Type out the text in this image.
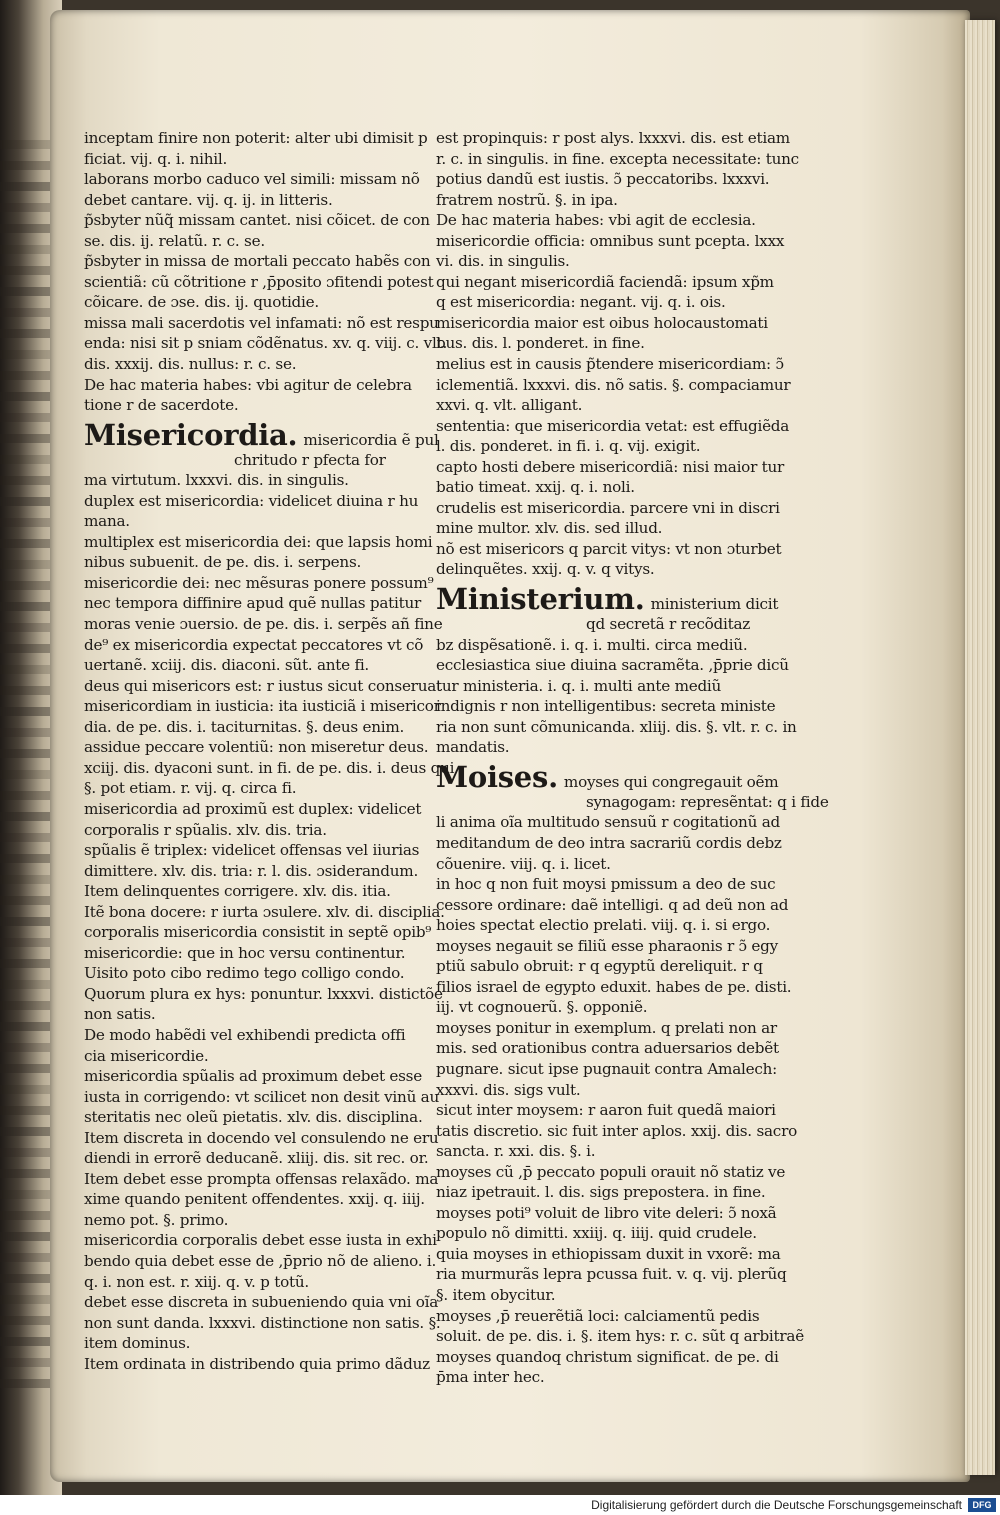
inceptam finire non poterit: alter ubi dimisit p
ficiat. vij. q. i. nihil.
laborans morbo caduco vel simili: missam nõ
debet cantare. vij. q. ij. in litteris.
p̃sbyter nũq̃ missam cantet. nisi cõicet. de con
se. dis. ij. relatũ. r. c. se.
p̃sbyter in missa de mortali peccato habẽs con
scientiã: cũ cõtritione r ,p̄posito ɔfitendi potest
cõicare. de ɔse. dis. ij. quotidie.
missa mali sacerdotis vel infamati: nõ est respu
enda: nisi sit p sniam cõdẽnatus. xv. q. viij. c. vlt.
dis. xxxij. dis. nullus: r. c. se.
De hac materia habes: vbi agitur de celebra
tione r de sacerdote.
Misericordia. misericordia ẽ pul
chritudo r pfecta for
ma virtutum. lxxxvi. dis. in singulis.
duplex est misericordia: videlicet diuina r hu
mana.
multiplex est misericordia dei: que lapsis homi
nibus subuenit. de pe. dis. i. serpens.
misericordie dei: nec mẽsuras ponere possum⁹
nec tempora diffinire apud quẽ nullas patitur
moras venie ɔuersio. de pe. dis. i. serpẽs añ fine
de⁹ ex misericordia expectat peccatores vt cõ
uertanẽ. xciij. dis. diaconi. sũt. ante fi.
deus qui misericors est: r iustus sicut conseruat
misericordiam in iusticia: ita iusticiã i misericor
dia. de pe. dis. i. taciturnitas. §. deus enim.
assidue peccare volentiũ: non miseretur deus.
xciij. dis. dyaconi sunt. in fi. de pe. dis. i. deus qui
§. pot etiam. r. vij. q. circa fi.
misericordia ad proximũ est duplex: videlicet
corporalis r spũalis. xlv. dis. tria.
spũalis ẽ triplex: videlicet offensas vel iiurias
dimittere. xlv. dis. tria: r. l. dis. ɔsiderandum.
Item delinquentes corrigere. xlv. dis. itia.
Itẽ bona docere: r iurta ɔsulere. xlv. di. disciplia.
corporalis misericordia consistit in septẽ opib⁹
misericordie: que in hoc versu continentur.
Uisito poto cibo redimo tego colligo condo.
Quorum plura ex hys: ponuntur. lxxxvi. distictõe
non satis.
De modo habẽdi vel exhibendi predicta offi
cia misericordie.
misericordia spũalis ad proximum debet esse
iusta in corrigendo: vt scilicet non desit vinũ au
steritatis nec oleũ pietatis. xlv. dis. disciplina.
Item discreta in docendo vel consulendo ne eru
diendi in errorẽ deducanẽ. xliij. dis. sit rec. or.
Item debet esse prompta offensas relaxãdo. ma
xime quando penitent offendentes. xxij. q. iiij.
nemo pot. §. primo.
misericordia corporalis debet esse iusta in exhi
bendo quia debet esse de ,p̄prio nõ de alieno. i.
q. i. non est. r. xiij. q. v. p totũ.
debet esse discreta in subueniendo quia vni oĩa
non sunt danda. lxxxvi. distinctione non satis. §.
item dominus.
Item ordinata in distribendo quia primo dãduz
est propinquis: r post alys. lxxxvi. dis. est etiam
r. c. in singulis. in fine. excepta necessitate: tunc
potius dandũ est iustis. ɔ̃ peccatoribs. lxxxvi.
fratrem nostrũ. §. in ipa.
De hac materia habes: vbi agit de ecclesia.
misericordie officia: omnibus sunt pcepta. lxxx
vi. dis. in singulis.
qui negant misericordiã faciendã: ipsum xp̃m
q est misericordia: negant. vij. q. i. ois.
misericordia maior est oibus holocaustomati
bus. dis. l. ponderet. in fine.
melius est in causis p̃tendere misericordiam: ɔ̃
iclementiã. lxxxvi. dis. nõ satis. §. compaciamur
xxvi. q. vlt. alligant.
sententia: que misericordia vetat: est effugiẽda
l. dis. ponderet. in fi. i. q. vij. exigit.
capto hosti debere misericordiã: nisi maior tur
batio timeat. xxij. q. i. noli.
crudelis est misericordia. parcere vni in discri
mine multor. xlv. dis. sed illud.
nõ est misericors q parcit vitys: vt non ɔturbet
delinquẽtes. xxij. q. v. q vitys.
Ministerium. ministerium dicit
qd secretã r recõditaz
bz dispẽsationẽ. i. q. i. multi. circa mediũ.
ecclesiastica siue diuina sacramẽta. ,p̄prie dicũ
tur ministeria. i. q. i. multi ante mediũ
indignis r non intelligentibus: secreta ministe
ria non sunt cõmunicanda. xliij. dis. §. vlt. r. c. in
mandatis.
Moises. moyses qui congregauit oẽm
synagogam: represẽntat: q i fide
li anima oĩa multitudo sensuũ r cogitationũ ad
meditandum de deo intra sacrariũ cordis debz
cõuenire. viij. q. i. licet.
in hoc q non fuit moysi pmissum a deo de suc
cessore ordinare: daẽ intelligi. q ad deũ non ad
hoies spectat electio prelati. viij. q. i. si ergo.
moyses negauit se filiũ esse pharaonis r ɔ̃ egy
ptiũ sabulo obruit: r q egyptũ dereliquit. r q
filios israel de egypto eduxit. habes de pe. disti.
iij. vt cognouerũ. §. opponiẽ.
moyses ponitur in exemplum. q prelati non ar
mis. sed orationibus contra aduersarios debẽt
pugnare. sicut ipse pugnauit contra Amalech:
xxxvi. dis. sigs vult.
sicut inter moysem: r aaron fuit quedã maiori
tatis discretio. sic fuit inter aplos. xxij. dis. sacro
sancta. r. xxi. dis. §. i.
moyses cũ ,p̄ peccato populi orauit nõ statiz ve
niaz ipetrauit. l. dis. sigs prepostera. in fine.
moyses poti⁹ voluit de libro vite deleri: ɔ̃ noxã
populo nõ dimitti. xxiij. q. iiij. quid crudele.
quia moyses in ethiopissam duxit in vxorẽ: ma
ria murmurãs lepra pcussa fuit. v. q. vij. plerũq
§. item obycitur.
moyses ,p̄ reuerẽtiã loci: calciamentũ pedis
soluit. de pe. dis. i. §. item hys: r. c. sũt q arbitraẽ
moyses quandoq christum significat. de pe. di
p̄ma inter hec.
Digitalisierung gefördert durch die Deutsche Forschungsgemeinschaft	DFG
